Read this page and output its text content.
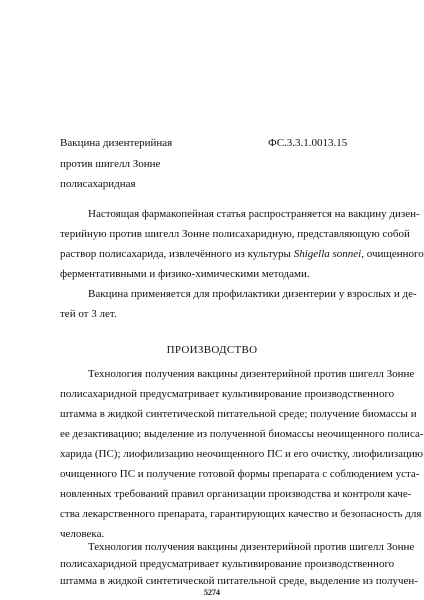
Вакцина дизентерийная
против шигелл Зонне
полисахаридная
ФС.3.3.1.0013.15
Настоящая фармакопейная статья распространяется на вакцину дизен-
терийную против шигелл Зонне полисахаридную, представляющую собой
раствор полисахарида, извлечённого из культуры Shigella sonnei, очищенного
ферментативными и физико-химическими методами.
Вакцина применяется для профилактики дизентерии у взрослых и де-
тей от 3 лет.
ПРОИЗВОДСТВО
Технология получения вакцины дизентерийной против шигелл Зонне
полисахаридной предусматривает культивирование производственного
штамма в жидкой синтетической питательной среде; получение биомассы и
ее дезактивацию; выделение из полученной биомассы неочищенного полиса-
харида (ПС); лиофилизацию неочищенного ПС и его очистку, лиофилизацию
очищенного ПС и получение готовой формы препарата с соблюдением уста-
новленных требований правил организации производства и контроля каче-
ства лекарственного препарата, гарантирующих качество и безопасность для
человека.
Технология получения вакцины дизентерийной против шигелл Зонне
полисахаридной предусматривает культивирование производственного
штамма в жидкой синтетической питательной среде, выделение из получен-
5274
